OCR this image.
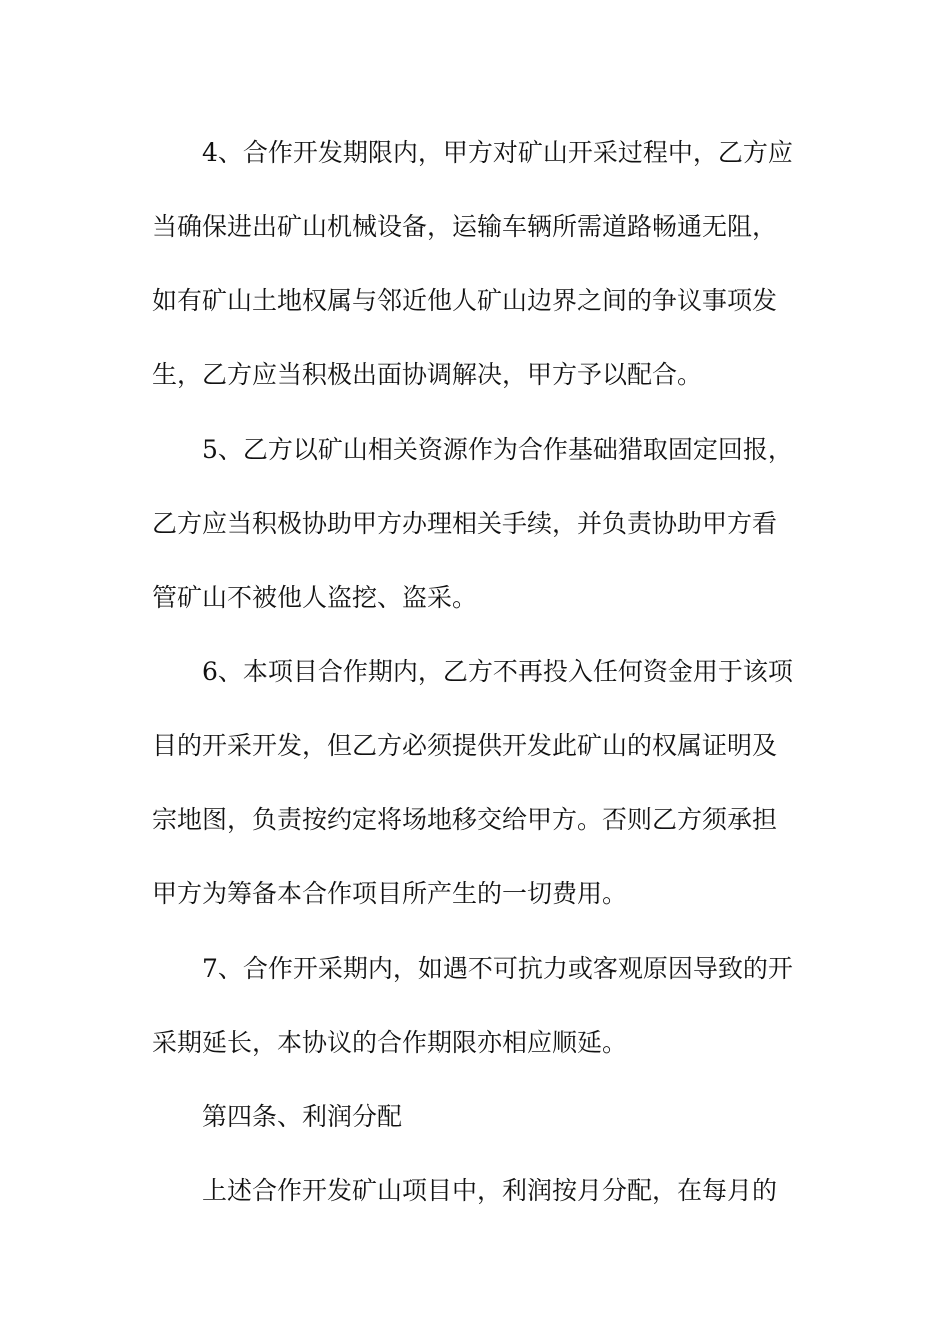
4、合作开发期限内，甲方对矿山开采过程中，乙方应
当确保进出矿山机械设备，运输车辆所需道路畅通无阻，
如有矿山土地权属与邻近他人矿山边界之间的争议事项发
生，乙方应当积极出面协调解决，甲方予以配合。
5、乙方以矿山相关资源作为合作基础猎取固定回报，
乙方应当积极协助甲方办理相关手续，并负责协助甲方看
管矿山不被他人盗挖、盗采。
6、本项目合作期内，乙方不再投入任何资金用于该项
目的开采开发，但乙方必须提供开发此矿山的权属证明及
宗地图，负责按约定将场地移交给甲方。否则乙方须承担
甲方为筹备本合作项目所产生的一切费用。
7、合作开采期内，如遇不可抗力或客观原因导致的开
采期延长，本协议的合作期限亦相应顺延。
第四条、利润分配
上述合作开发矿山项目中，利润按月分配，在每月的
